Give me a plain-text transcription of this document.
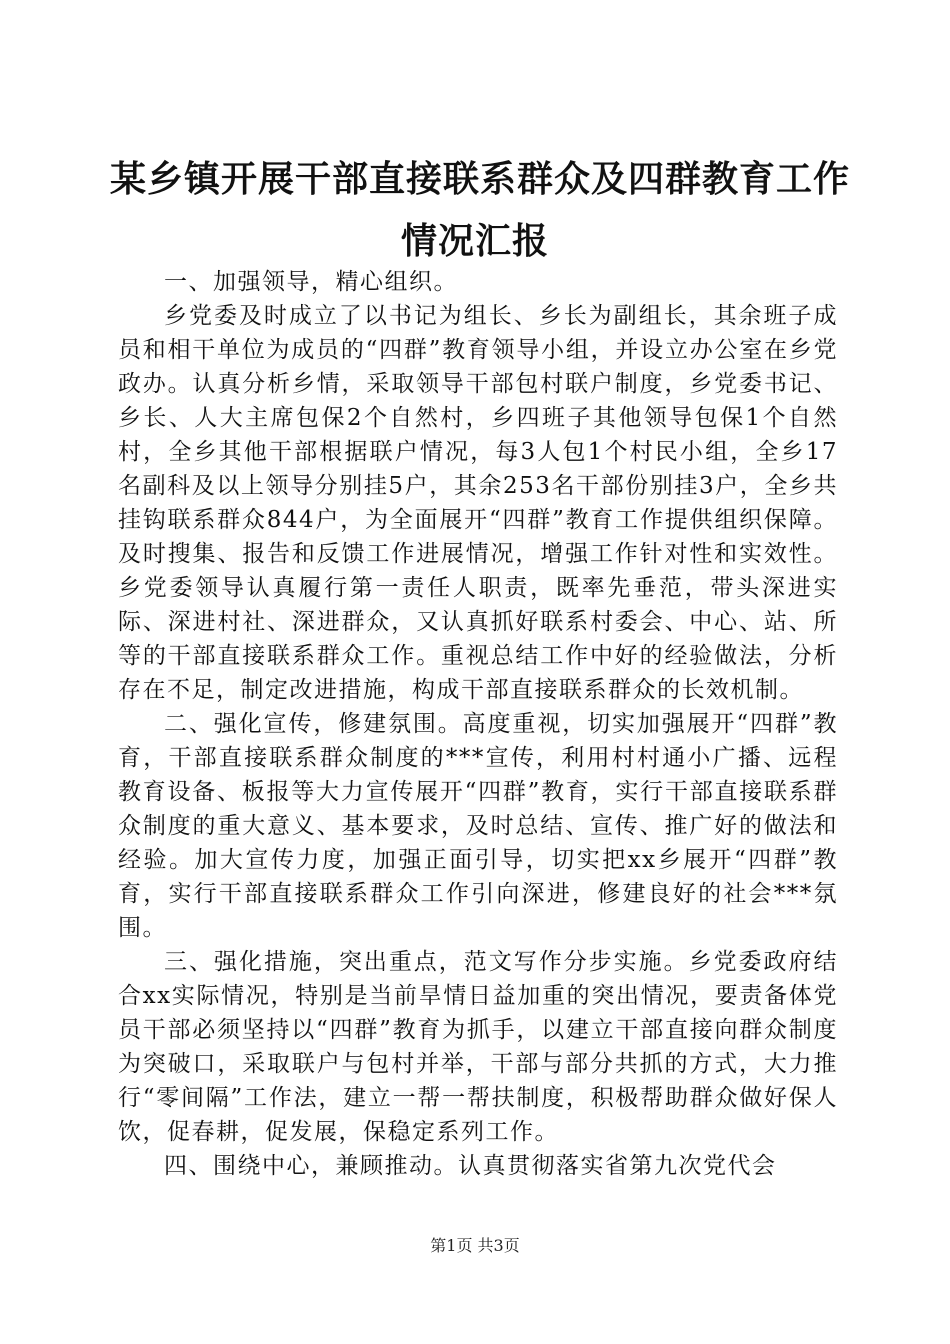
某乡镇开展干部直接联系群众及四群教育工作
情况汇报

一、加强领导，精心组织。

乡党委及时成立了以书记为组长、乡长为副组长，其余班子成员和相干单位为成员的“四群”教育领导小组，并设立办公室在乡党政办。认真分析乡情，采取领导干部包村联户制度，乡党委书记、乡长、人大主席包保2个自然村，乡四班子其他领导包保1个自然村，全乡其他干部根据联户情况，每3人包1个村民小组，全乡17名副科及以上领导分别挂5户，其余253名干部份别挂3户，全乡共挂钩联系群众844户，为全面展开“四群”教育工作提供组织保障。及时搜集、报告和反馈工作进展情况，增强工作针对性和实效性。乡党委领导认真履行第一责任人职责，既率先垂范，带头深进实际、深进村社、深进群众，又认真抓好联系村委会、中心、站、所等的干部直接联系群众工作。重视总结工作中好的经验做法，分析存在不足，制定改进措施，构成干部直接联系群众的长效机制。

二、强化宣传，修建氛围。高度重视，切实加强展开“四群”教育，干部直接联系群众制度的***宣传，利用村村通小广播、远程教育设备、板报等大力宣传展开“四群”教育，实行干部直接联系群众制度的重大意义、基本要求，及时总结、宣传、推广好的做法和经验。加大宣传力度，加强正面引导，切实把xx乡展开“四群”教育，实行干部直接联系群众工作引向深进，修建良好的社会***氛围。

三、强化措施，突出重点，范文写作分步实施。乡党委政府结合xx实际情况，特别是当前旱情日益加重的突出情况，要责备体党员干部必须坚持以“四群”教育为抓手，以建立干部直接向群众制度为突破口，采取联户与包村并举，干部与部分共抓的方式，大力推行“零间隔”工作法，建立一帮一帮扶制度，积极帮助群众做好保人饮，促春耕，促发展，保稳定系列工作。

四、围绕中心，兼顾推动。认真贯彻落实省第九次党代会

第1页 共3页
